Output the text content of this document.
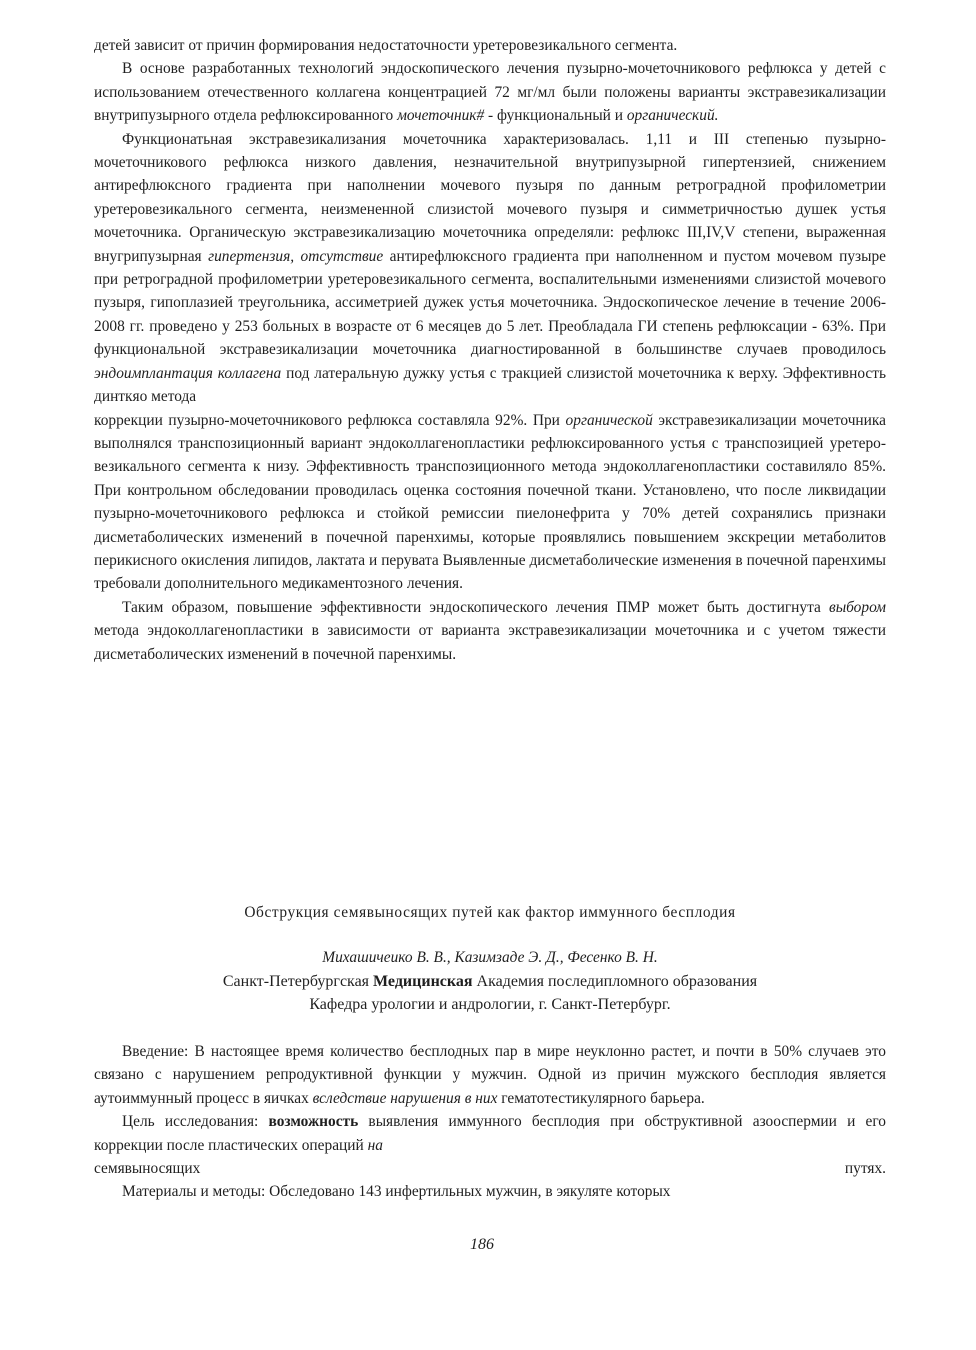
детей зависит от причин формирования недостаточности уретеровезикального сегмента.

В основе разработанных технологий эндоскопического лечения пузырно-мочеточникового рефлюкса у детей с использованием отечественного коллагена концентрацией 72 мг/мл были положены варианты экстравезикализации внутрипузырного отдела рефлюксированного мочеточник# - функциональный и органический.

Функционатьная экстравезикализания мочеточника характеризовалась. 1,11 и III степенью пузырно-мочеточникового рефлюкса низкого давления, незначительной внутрипузырной гипертензией, снижением антирефлюксного градиента при наполнении мочевого пузыря по данным ретроградной профилометрии уретеровезикального сегмента, неизмененной слизистой мочевого пузыря и симметричностью душек устья мочеточника. Органическую экстравезикализацию мочеточника определяли: рефлюкс III,IV,V степени, выраженная внугрипузырная гипертензия, отсутствие антирефлюксного градиента при наполненном и пустом мочевом пузыре при ретроградной профилометрии уретеровезикального сегмента, воспалительными изменениями слизистой мочевого пузыря, гипоплазией треугольника, ассиметрией дужек устья мочеточника. Эндоскопическое лечение в течение 2006-2008 гг. проведено у 253 больных в возрасте от 6 месяцев до 5 лет. Преобладала ГИ степень рефлюксации - 63%. При функциональной экстравезикализации мочеточника диагностированной в большинстве случаев проводилось эндоимплантация коллагена под латеральную дужку устья с тракцией слизистой мочеточника к верху. Эффективность динткяо метода

коррекции пузырно-мочеточникового рефлюкса составляла 92%. При органической экстравезикализации мочеточника выполнялся транспозиционный вариант эндоколлагенопластики рефлюксированного устья с транспозицией уретеро-везикального сегмента к низу. Эффективность транспозиционного метода эндоколлагенопластики составиляло 85%. При контрольном обследовании проводилась оценка состояния почечной ткани. Установлено, что после ликвидации пузырно-мочеточникового рефлюкса и стойкой ремиссии пиелонефрита у 70% детей сохранялись признаки дисметаболических изменений в почечной паренхимы, которые проявлялись повышением экскреции метаболитов перикисного окисления липидов, лактата и перувата Выявленные дисметаболические изменения в почечной паренхимы требовали дополнительного медикаментозного лечения.

Таким образом, повышение эффективности эндоскопического лечения ПМР может быть достигнута выбором метода эндоколлагенопластики в зависимости от варианта экстравезикализации мочеточника и с учетом тяжести дисметаболических изменений в почечной паренхимы.

Обструкция семявыносящих путей как фактор иммунного бесплодия
Михашичеико В. В., Казимзаде Э. Д., Фесенко В. Н.
Санкт-Петербургская Медицинская Академия последипломного образования
Кафедра урологии и андрологии, г. Санкт-Петербург.

Введение: В настоящее время количество бесплодных пар в мире неуклонно растет, и почти в 50% случаев это связано с нарушением репродуктивной функции у мужчин. Одной из причин мужского бесплодия является аутоиммунный процесс в яичках вследствие нарушения в них гематотестикулярного барьера.

Цель исследования: возможность выявления иммунного бесплодия при обструктивной азооспермии и его коррекции после пластических операций на

семявыносящих	путях.

Материалы и методы: Обследовано 143 инфертильных мужчин, в эякуляте которых

186
